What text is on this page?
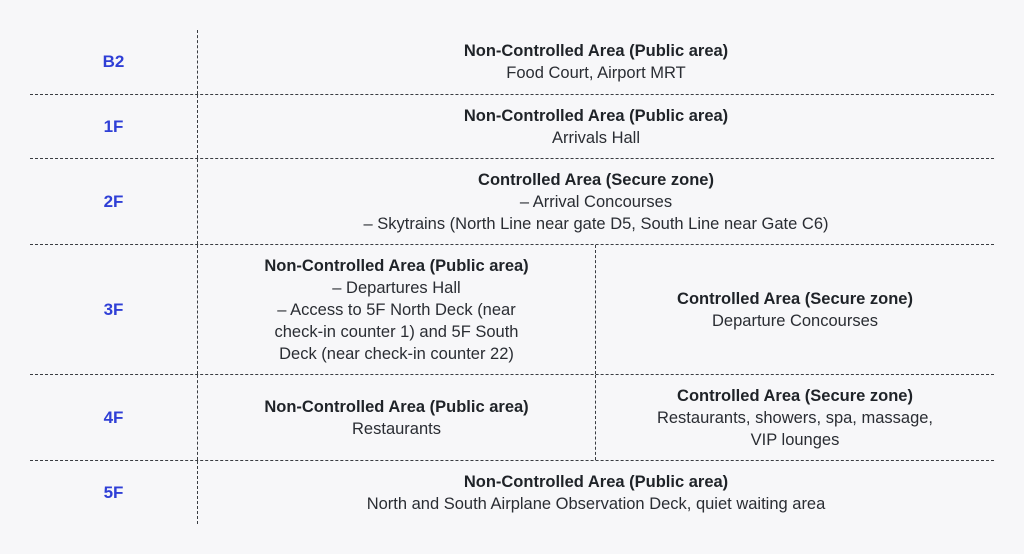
B2
Non-Controlled Area (Public area)
Food Court, Airport MRT
1F
Non-Controlled Area (Public area)
Arrivals Hall
2F
Controlled Area (Secure zone)
– Arrival Concourses
– Skytrains (North Line near gate D5, South Line near Gate C6)
3F
Non-Controlled Area (Public area)
– Departures Hall
– Access to 5F North Deck (near
check-in counter 1) and 5F South
Deck (near check-in counter 22)
Controlled Area (Secure zone)
Departure Concourses
4F
Non-Controlled Area (Public area)
Restaurants
Controlled Area (Secure zone)
Restaurants, showers, spa, massage,
VIP lounges
5F
Non-Controlled Area (Public area)
North and South Airplane Observation Deck, quiet waiting area
